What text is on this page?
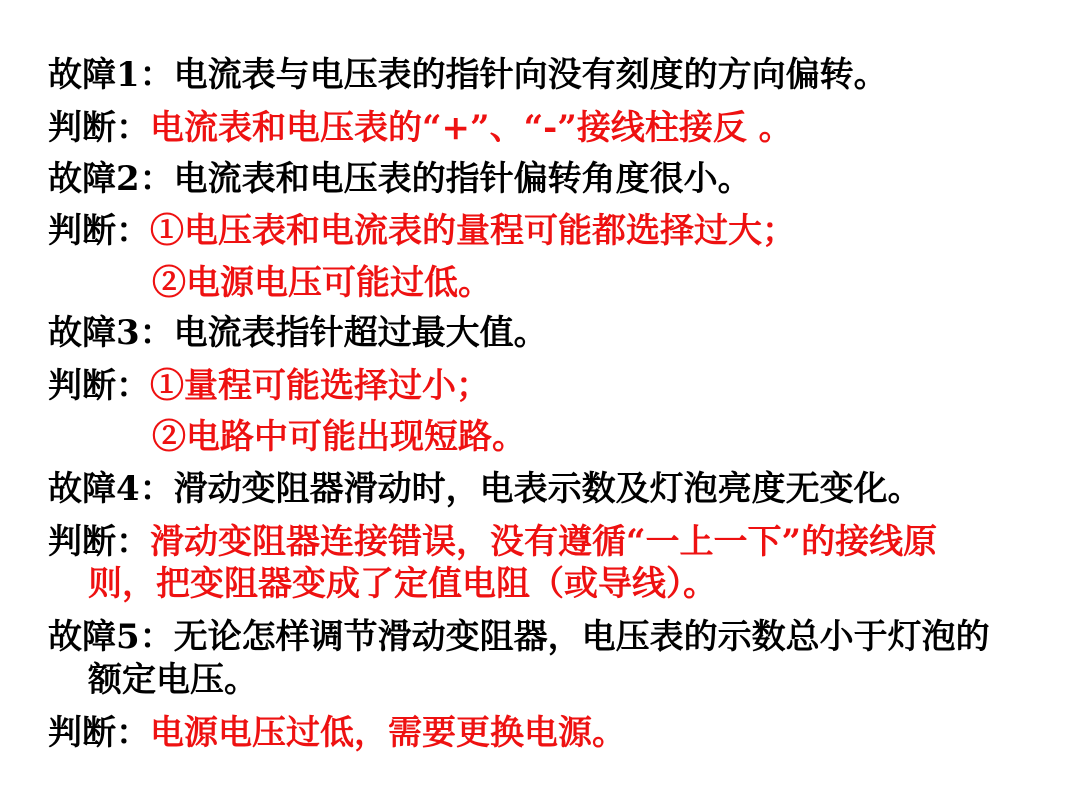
故障1：电流表与电压表的指针向没有刻度的方向偏转。
判断：电流表和电压表的“+”、“-”接线柱接反 。
故障2：电流表和电压表的指针偏转角度很小。
判断：①电压表和电流表的量程可能都选择过大；
②电源电压可能过低。
故障3：电流表指针超过最大值。
判断：①量程可能选择过小；
②电路中可能出现短路。
故障4：滑动变阻器滑动时，电表示数及灯泡亮度无变化。
判断：滑动变阻器连接错误，没有遵循“一上一下”的接线原
则，把变阻器变成了定值电阻（或导线）。
故障5：无论怎样调节滑动变阻器，电压表的示数总小于灯泡的
额定电压。
判断：电源电压过低，需要更换电源。
